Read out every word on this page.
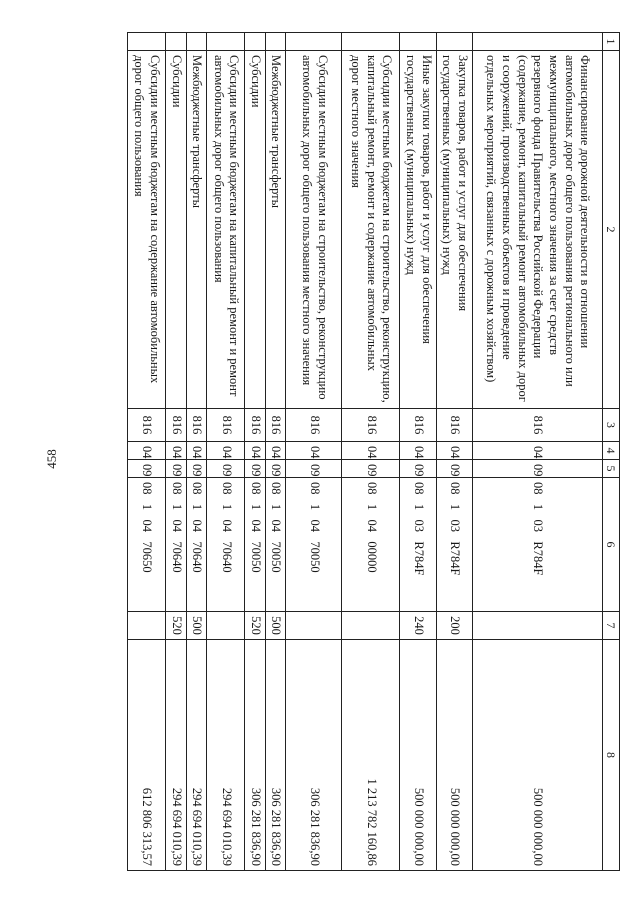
458
1	2	3	4	5	6	7	8
	Финансирование дорожной деятельности в отношении автомобильных дорог общего пользования регионального или межмуниципального, местного значения за счет средств резервного фонда Правительства Российской Федерации (содержание, ремонт, капитальный ремонт автомобильных дорог и сооружений, производственных объектов и проведение отдельных мероприятий, связанных с дорожным хозяйством)	816	04	09	08   1   03   R784F		500 000 000,00
	Закупка товаров, работ и услуг для обеспечения государственных (муниципальных) нужд	816	04	09	08   1   03   R784F	200	500 000 000,00
	Иные закупки товаров, работ и услуг для обеспечения государственных (муниципальных) нужд	816	04	09	08   1   03   R784F	240	500 000 000,00
	Субсидии местным бюджетам на строительство, реконструкцию, капитальный ремонт, ремонт и содержание автомобильных дорог местного значения	816	04	09	08   1   04   00000		1 213 782 160,86
	Субсидии местным бюджетам на строительство, реконструкцию автомобильных дорог общего пользования местного значения	816	04	09	08   1   04   70050		306 281 836,90
	Межбюджетные трансферты	816	04	09	08   1   04   70050	500	306 281 836,90
	Субсидии	816	04	09	08   1   04   70050	520	306 281 836,90
	Субсидии местным бюджетам на капитальный ремонт и ремонт автомобильных дорог общего пользования	816	04	09	08   1   04   70640		294 694 010,39
	Межбюджетные трансферты	816	04	09	08   1   04   70640	500	294 694 010,39
	Субсидии	816	04	09	08   1   04   70640	520	294 694 010,39
	Субсидии местным бюджетам на содержание автомобильных дорог общего пользования	816	04	09	08   1   04   70650		612 806 313,57
